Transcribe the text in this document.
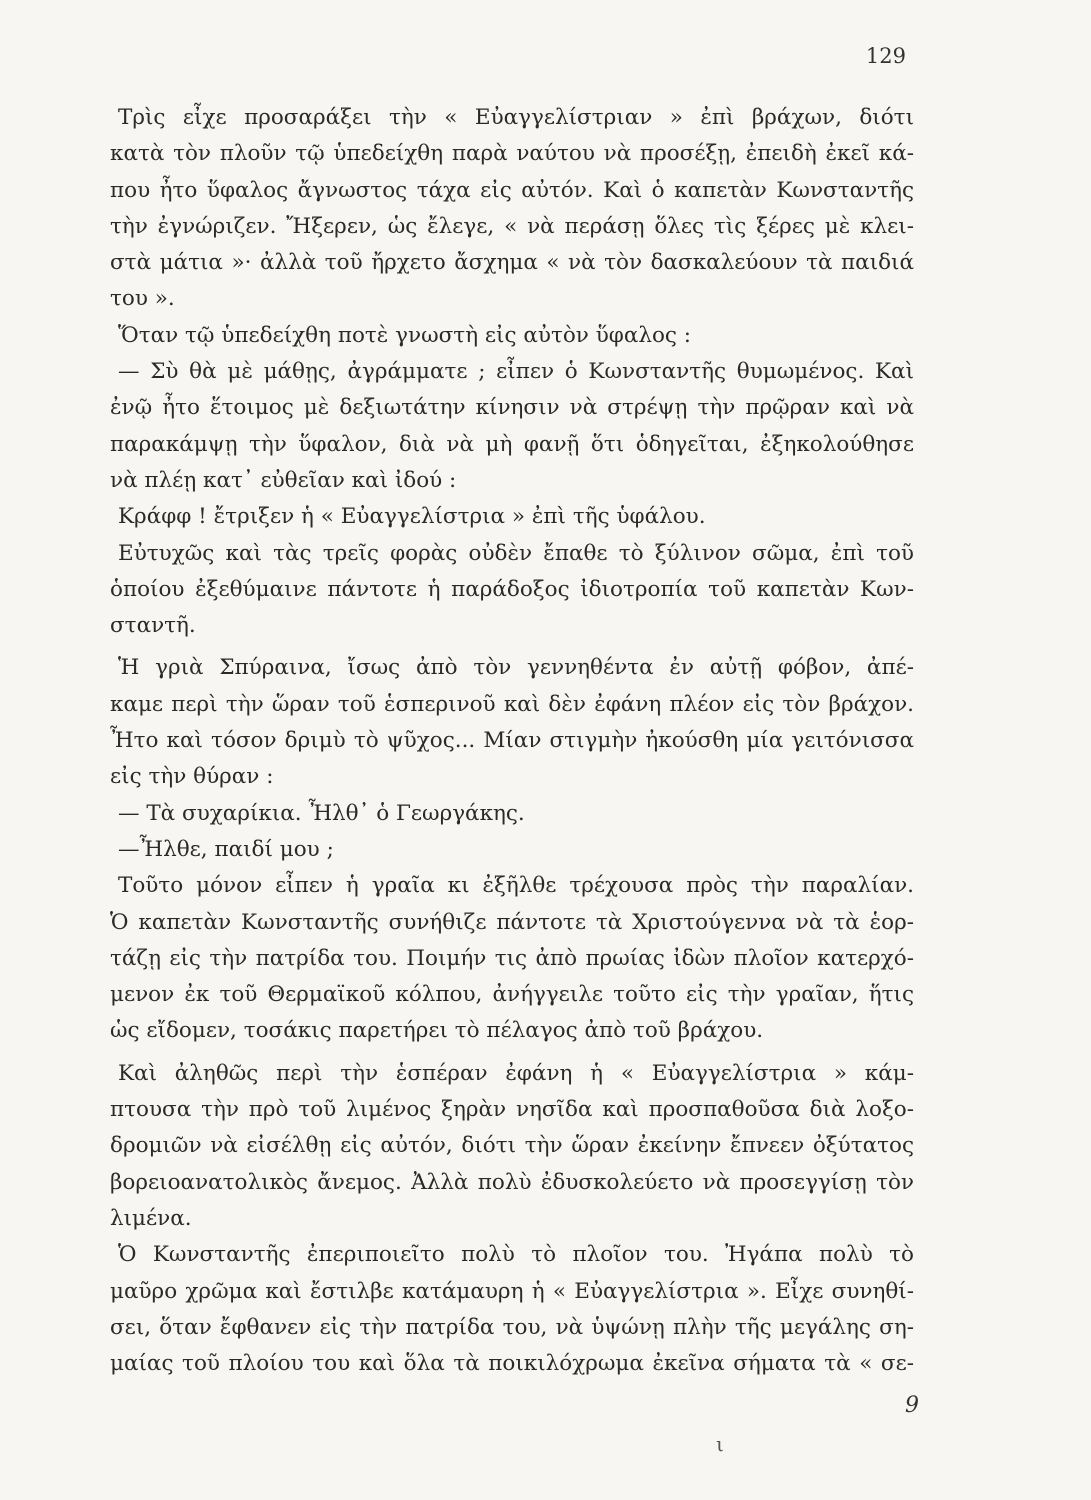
129
Τρὶς εἶχε προσαράξει τὴν « Εὐαγγελίστριαν » ἐπὶ βράχων, διότι
κατὰ τὸν πλοῦν τῷ ὑπεδείχθη παρὰ ναύτου νὰ προσέξῃ, ἐπειδὴ ἐκεῖ κά-
που ἦτο ὕφαλος ἄγνωστος τάχα εἰς αὐτόν. Καὶ ὁ καπετὰν Κωνσταντῆς
τὴν ἐγνώριζεν. Ἤξερεν, ὡς ἔλεγε, « νὰ περάσῃ ὅλες τὶς ξέρες μὲ κλει-
στὰ μάτια »· ἀλλὰ τοῦ ἤρχετο ἄσχημα « νὰ τὸν δασκαλεύουν τὰ παιδιά
του ».
Ὅταν τῷ ὑπεδείχθη ποτὲ γνωστὴ εἰς αὐτὸν ὕφαλος :
— Σὺ θὰ μὲ μάθῃς, ἀγράμματε ; εἶπεν ὁ Κωνσταντῆς θυμωμένος. Καὶ
ἐνῷ ἦτο ἕτοιμος μὲ δεξιωτάτην κίνησιν νὰ στρέψῃ τὴν πρῷραν καὶ νὰ
παρακάμψῃ τὴν ὕφαλον, διὰ νὰ μὴ φανῇ ὅτι ὁδηγεῖται, ἐξηκολούθησε
νὰ πλέῃ κατ᾿ εὐθεῖαν καὶ ἰδού :
Κράφφ ! ἔτριξεν ἡ « Εὐαγγελίστρια » ἐπὶ τῆς ὑφάλου.
Εὐτυχῶς καὶ τὰς τρεῖς φορὰς οὐδὲν ἔπαθε τὸ ξύλινον σῶμα, ἐπὶ τοῦ
ὁποίου ἐξεθύμαινε πάντοτε ἡ παράδοξος ἰδιοτροπία τοῦ καπετὰν Κων-
σταντῆ.
Ἡ γριὰ Σπύραινα, ἴσως ἀπὸ τὸν γεννηθέντα ἐν αὐτῇ φόβον, ἀπέ-
καμε περὶ τὴν ὥραν τοῦ ἑσπερινοῦ καὶ δὲν ἐφάνη πλέον εἰς τὸν βράχον.
Ἦτο καὶ τόσον δριμὺ τὸ ψῦχος... Μίαν στιγμὴν ἠκούσθη μία γειτόνισσα
εἰς τὴν θύραν :
— Τὰ συχαρίκια. Ἦλθ᾿ ὁ Γεωργάκης.
—Ἦλθε, παιδί μου ;
Τοῦτο μόνον εἶπεν ἡ γραῖα κι ἐξῆλθε τρέχουσα πρὸς τὴν παραλίαν.
Ὁ καπετὰν Κωνσταντῆς συνήθιζε πάντοτε τὰ Χριστούγεννα νὰ τὰ ἑορ-
τάζῃ εἰς τὴν πατρίδα του. Ποιμήν τις ἀπὸ πρωίας ἰδὼν πλοῖον κατερχό-
μενον ἐκ τοῦ Θερμαϊκοῦ κόλπου, ἀνήγγειλε τοῦτο εἰς τὴν γραῖαν, ἥτις
ὡς εἴδομεν, τοσάκις παρετήρει τὸ πέλαγος ἀπὸ τοῦ βράχου.
Καὶ ἀληθῶς περὶ τὴν ἑσπέραν ἐφάνη ἡ « Εὐαγγελίστρια » κάμ-
πτουσα τὴν πρὸ τοῦ λιμένος ξηρὰν νησῖδα καὶ προσπαθοῦσα διὰ λοξο-
δρομιῶν νὰ εἰσέλθῃ εἰς αὐτόν, διότι τὴν ὥραν ἐκείνην ἔπνεεν ὀξύτατος
βορειοανατολικὸς ἄνεμος. Ἀλλὰ πολὺ ἐδυσκολεύετο νὰ προσεγγίσῃ τὸν
λιμένα.
Ὁ Κωνσταντῆς ἐπεριποιεῖτο πολὺ τὸ πλοῖον του. Ἠγάπα πολὺ τὸ
μαῦρο χρῶμα καὶ ἔστιλβε κατάμαυρη ἡ « Εὐαγγελίστρια ». Εἶχε συνηθί-
σει, ὅταν ἔφθανεν εἰς τὴν πατρίδα του, νὰ ὑψώνῃ πλὴν τῆς μεγάλης ση-
μαίας τοῦ πλοίου του καὶ ὅλα τὰ ποικιλόχρωμα ἐκεῖνα σήματα τὰ « σε-
9
ι
